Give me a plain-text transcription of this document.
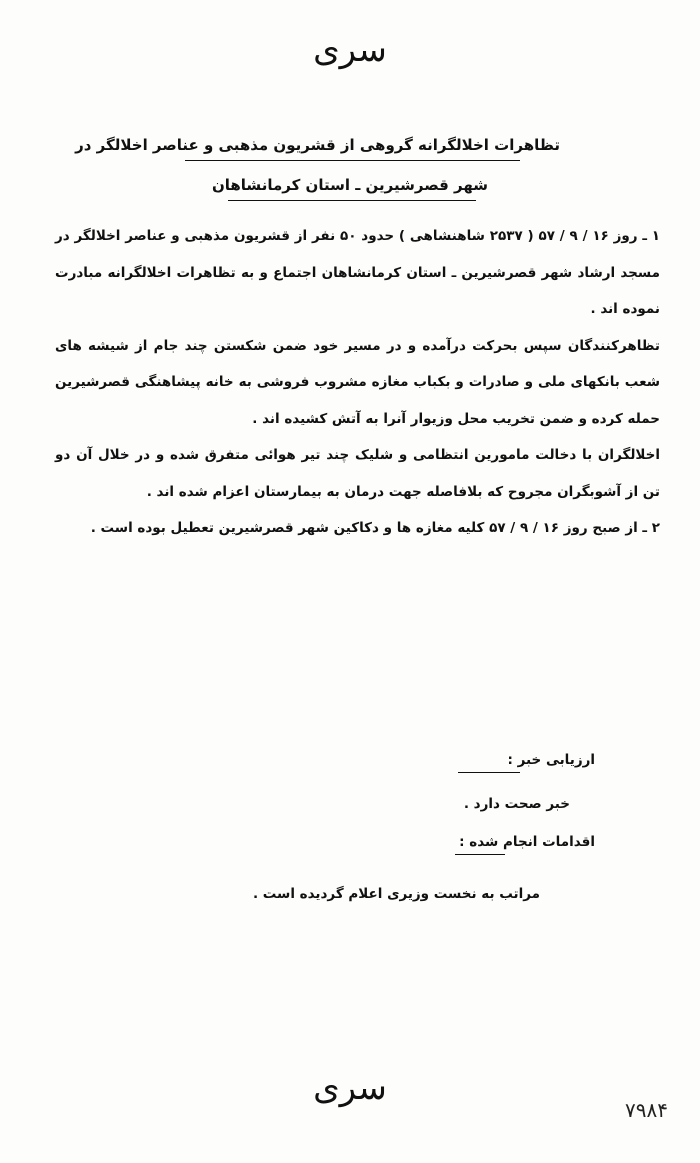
سری
تظاهرات اخلالگرانه گروهی از قشریون مذهبی و عناصر اخلالگر در
شهر قصرشیرین ـ استان کرمانشاهان

۱ ـ روز ۱۶ / ۹ / ۵۷ ( ۲۵۳۷ شاهنشاهی ) حدود ۵۰ نفر از قشریون مذهبی و عناصر اخلالگر در مسجد ارشاد شهر قصرشیرین ـ استان کرمانشاهان اجتماع و به تظاهرات اخلالگرانه مبادرت نموده اند .

تظاهرکنندگان سپس بحرکت درآمده و در مسیر خود ضمن شکستن چند جام از شیشه های شعب بانکهای ملی و صادرات و بکباب مغازه مشروب فروشی به خانه پیشاهنگی قصرشیرین حمله کرده و ضمن تخریب محل وزیوار آنرا به آتش کشیده اند .

اخلالگران با دخالت مامورین انتظامی و شلیک چند تیر هوائی متفرق شده و در خلال آن دو تن از آشوبگران مجروح که بلافاصله جهت درمان به بیمارستان اعزام شده اند .

۲ ـ از صبح روز ۱۶ / ۹ / ۵۷ کلیه مغازه ها و دکاکین شهر قصرشیرین تعطیل بوده است .

ارزیابی خبر :
خبر صحت دارد .
اقدامات انجام شده :
مراتب به نخست وزیری اعلام گردیده است .
سری
۷۹۸۴
